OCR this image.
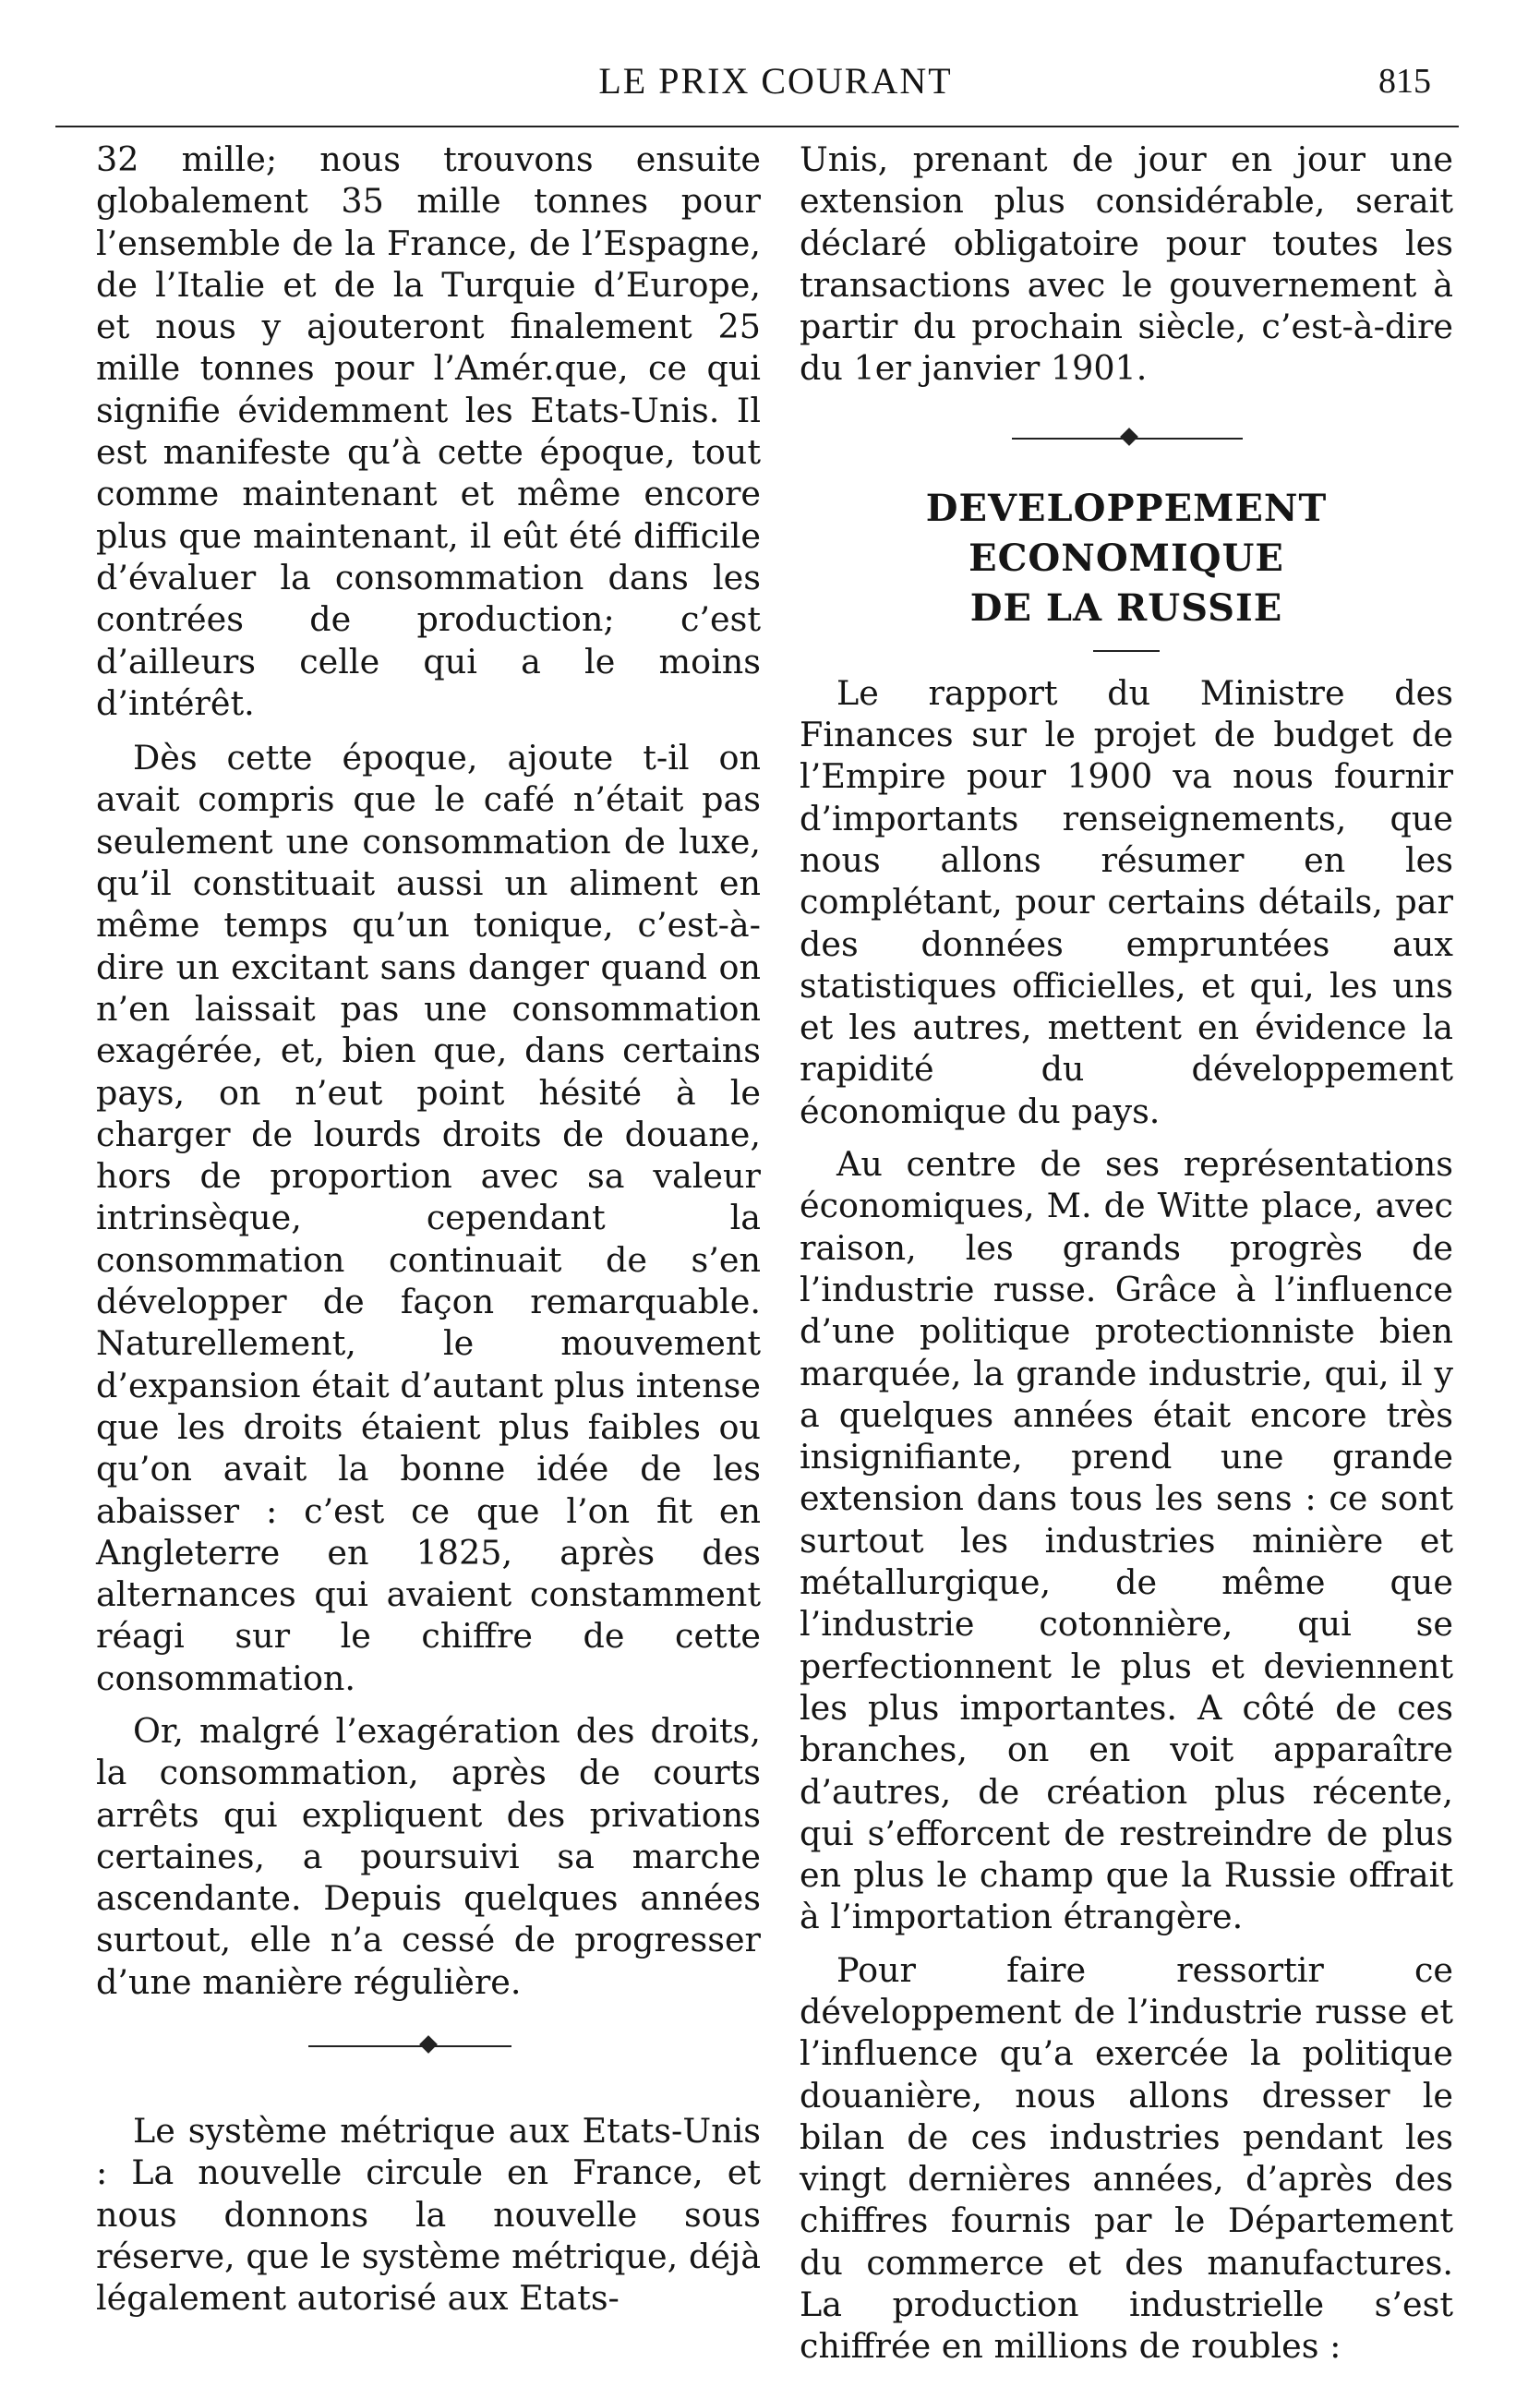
LE PRIX COURANT	815

32 mille; nous trouvons ensuite globalement 35 mille tonnes pour l’ensemble de la France, de l’Espagne, de l’Italie et de la Turquie d’Europe, et nous y ajouteront finalement 25 mille tonnes pour l’Amér.que, ce qui signifie évidemment les Etats-Unis. Il est manifeste qu’à cette époque, tout comme maintenant et même encore plus que maintenant, il eût été difficile d’évaluer la consommation dans les contrées de production; c’est d’ailleurs celle qui a le moins d’intérêt.

Dès cette époque, ajoute t-il on avait compris que le café n’était pas seulement une consommation de luxe, qu’il constituait aussi un aliment en même temps qu’un tonique, c’est-à-dire un excitant sans danger quand on n’en laissait pas une consommation exagérée, et, bien que, dans certains pays, on n’eut point hésité à le charger de lourds droits de douane, hors de proportion avec sa valeur intrinsèque, cependant la consommation continuait de s’en développer de façon remarquable. Naturellement, le mouvement d’expansion était d’autant plus intense que les droits étaient plus faibles ou qu’on avait la bonne idée de les abaisser : c’est ce que l’on fit en Angleterre en 1825, après des alternances qui avaient constamment réagi sur le chiffre de cette consommation.

Or, malgré l’exagération des droits, la consommation, après de courts arrêts qui expliquent des privations certaines, a poursuivi sa marche ascendante. Depuis quelques années surtout, elle n’a cessé de progresser d’une manière régulière.

Le système métrique aux Etats-Unis : La nouvelle circule en France, et nous donnons la nouvelle sous réserve, que le système métrique, déjà légalement autorisé aux Etats-

Unis, prenant de jour en jour une extension plus considérable, serait déclaré obligatoire pour toutes les transactions avec le gouvernement à partir du prochain siècle, c’est-à-dire du 1er janvier 1901.

DEVELOPPEMENT ECONOMIQUE
DE LA RUSSIE

Le rapport du Ministre des Finances sur le projet de budget de l’Empire pour 1900 va nous fournir d’importants renseignements, que nous allons résumer en les complétant, pour certains détails, par des données empruntées aux statistiques officielles, et qui, les uns et les autres, mettent en évidence la rapidité du développement économique du pays.

Au centre de ses représentations économiques, M. de Witte place, avec raison, les grands progrès de l’industrie russe. Grâce à l’influence d’une politique protectionniste bien marquée, la grande industrie, qui, il y a quelques années était encore très insignifiante, prend une grande extension dans tous les sens : ce sont surtout les industries minière et métallurgique, de même que l’industrie cotonnière, qui se perfectionnent le plus et deviennent les plus importantes. A côté de ces branches, on en voit apparaître d’autres, de création plus récente, qui s’efforcent de restreindre de plus en plus le champ que la Russie offrait à l’importation étrangère.

Pour faire ressortir ce développement de l’industrie russe et l’influence qu’a exercée la politique douanière, nous allons dresser le bilan de ces industries pendant les vingt dernières années, d’après des chiffres fournis par le Département du commerce et des manufactures. La production industrielle s’est chiffrée en millions de roubles :
